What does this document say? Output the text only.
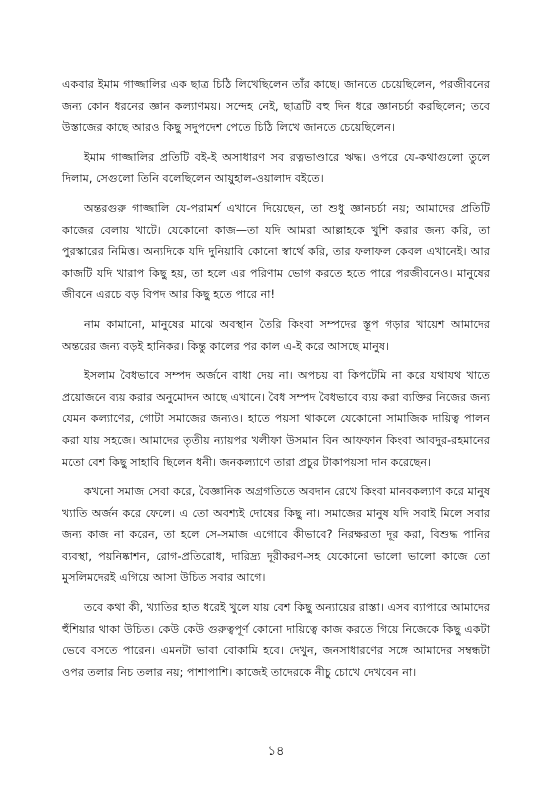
একবার ইমাম গাজ্জালির এক ছাত্র চিঠি লিখেছিলেন তাঁর কাছে। জানতে চেয়েছিলেন, পরজীবনের জন্য কোন ধরনের জ্ঞান কল্যাণময়। সন্দেহ নেই, ছাত্রটি বহু দিন ধরে জ্ঞানচর্চা করছিলেন; তবে উস্তাজের কাছে আরও কিছু সদুপদেশ পেতে চিঠি লিখে জানতে চেয়েছিলেন।

ইমাম গাজ্জালির প্রতিটি বই-ই অসাধারণ সব রত্নভাণ্ডারে ঋদ্ধ। ওপরে যে-কথাগুলো তুলে দিলাম, সেগুলো তিনি বলেছিলেন আয়ুহাল-ওয়ালাদ বইতে।

অন্তরগুরু গাজ্জালি যে-পরামর্শ এখানে দিয়েছেন, তা শুধু জ্ঞানচর্চা নয়; আমাদের প্রতিটি কাজের বেলায় খাটে। যেকোনো কাজ—তা যদি আমরা আল্লাহকে খুশি করার জন্য করি, তা পুরস্কারের নিমিত্ত। অন্যদিকে যদি দুনিয়াবি কোনো স্বার্থে করি, তার ফলাফল কেবল এখানেই। আর কাজটি যদি খারাপ কিছু হয়, তা হলে এর পরিণাম ভোগ করতে হতে পারে পরজীবনেও। মানুষের জীবনে এরচে বড় বিপদ আর কিছু হতে পারে না!

নাম কামানো, মানুষের মাঝে অবস্থান তৈরি কিংবা সম্পদের স্তূপ গড়ার খায়েশ আমাদের অন্তরের জন্য বড়ই হানিকর। কিন্তু কালের পর কাল এ-ই করে আসছে মানুষ।

ইসলাম বৈধভাবে সম্পদ অর্জনে বাধা দেয় না। অপচয় বা কিপটেমি না করে যথাযথ খাতে প্রয়োজনে ব্যয় করার অনুমোদন আছে এখানে। বৈধ সম্পদ বৈধভাবে ব্যয় করা ব্যক্তির নিজের জন্য যেমন কল্যাণের, গোটা সমাজের জন্যও। হাতে পয়সা থাকলে যেকোনো সামাজিক দায়িত্ব পালন করা যায় সহজে। আমাদের তৃতীয় ন্যায়পর খলীফা উসমান বিন আফফান কিংবা আবদুর-রহমানের মতো বেশ কিছু সাহাবি ছিলেন ধনী। জনকল্যাণে তারা প্রচুর টাকাপয়সা দান করেছেন।

কখনো সমাজ সেবা করে, বৈজ্ঞানিক অগ্রগতিতে অবদান রেখে কিংবা মানবকল্যাণ করে মানুষ খ্যাতি অর্জন করে ফেলে। এ তো অবশ্যই দোষের কিছু না। সমাজের মানুষ যদি সবাই মিলে সবার জন্য কাজ না করেন, তা হলে সে-সমাজ এগোবে কীভাবে? নিরক্ষরতা দূর করা, বিশুদ্ধ পানির ব্যবস্থা, পয়নিষ্কাশন, রোগ-প্রতিরোধ, দারিদ্র্য দূরীকরণ-সহ যেকোনো ভালো ভালো কাজে তো মুসলিমদেরই এগিয়ে আসা উচিত সবার আগে।

তবে কথা কী, খ্যাতির হাত ধরেই খুলে যায় বেশ কিছু অন্যায়ের রাস্তা। এসব ব্যাপারে আমাদের হুঁশিয়ার থাকা উচিত। কেউ কেউ গুরুত্বপূর্ণ কোনো দায়িত্বে কাজ করতে গিয়ে নিজেকে কিছু একটা ভেবে বসতে পারেন। এমনটা ভাবা বোকামি হবে। দেখুন, জনসাধারণের সঙ্গে আমাদের সম্বন্ধটা ওপর তলার নিচ তলার নয়; পাশাপাশি। কাজেই তাদেরকে নীচু চোখে দেখবেন না।

১৪
